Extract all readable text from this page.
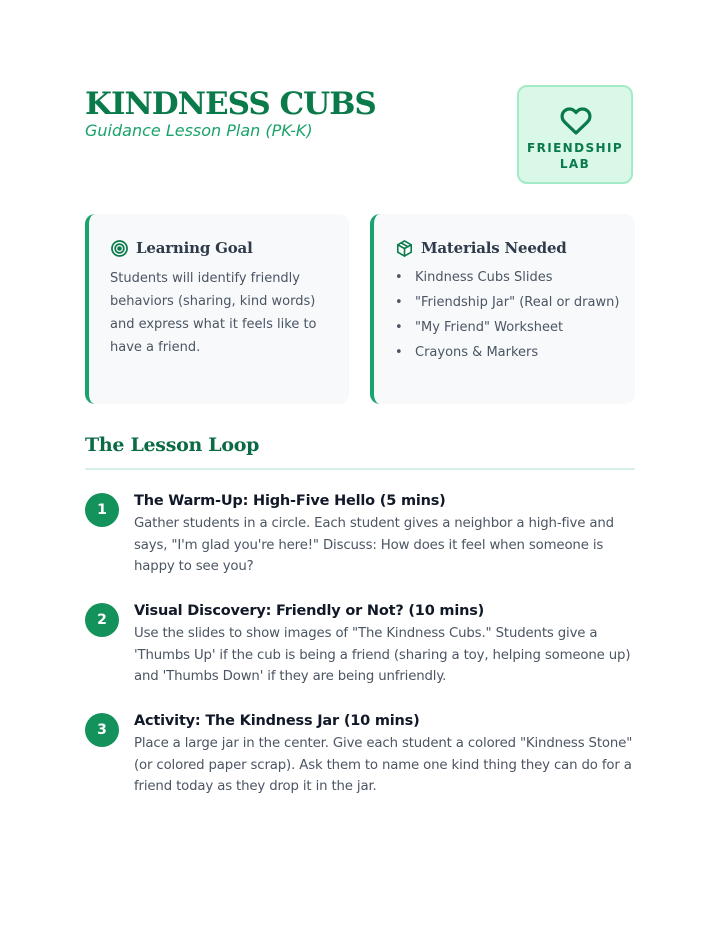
KINDNESS CUBS
Guidance Lesson Plan (PK-K)
FRIENDSHIP
LAB
Learning Goal
Students will identify friendly behaviors (sharing, kind words) and express what it feels like to have a friend.
Materials Needed
• Kindness Cubs Slides
• "Friendship Jar" (Real or drawn)
• "My Friend" Worksheet
• Crayons & Markers
The Lesson Loop
1
The Warm-Up: High-Five Hello (5 mins)
Gather students in a circle. Each student gives a neighbor a high-five and says, "I'm glad you're here!" Discuss: How does it feel when someone is happy to see you?
2
Visual Discovery: Friendly or Not? (10 mins)
Use the slides to show images of "The Kindness Cubs." Students give a 'Thumbs Up' if the cub is being a friend (sharing a toy, helping someone up) and 'Thumbs Down' if they are being unfriendly.
3
Activity: The Kindness Jar (10 mins)
Place a large jar in the center. Give each student a colored "Kindness Stone" (or colored paper scrap). Ask them to name one kind thing they can do for a friend today as they drop it in the jar.
